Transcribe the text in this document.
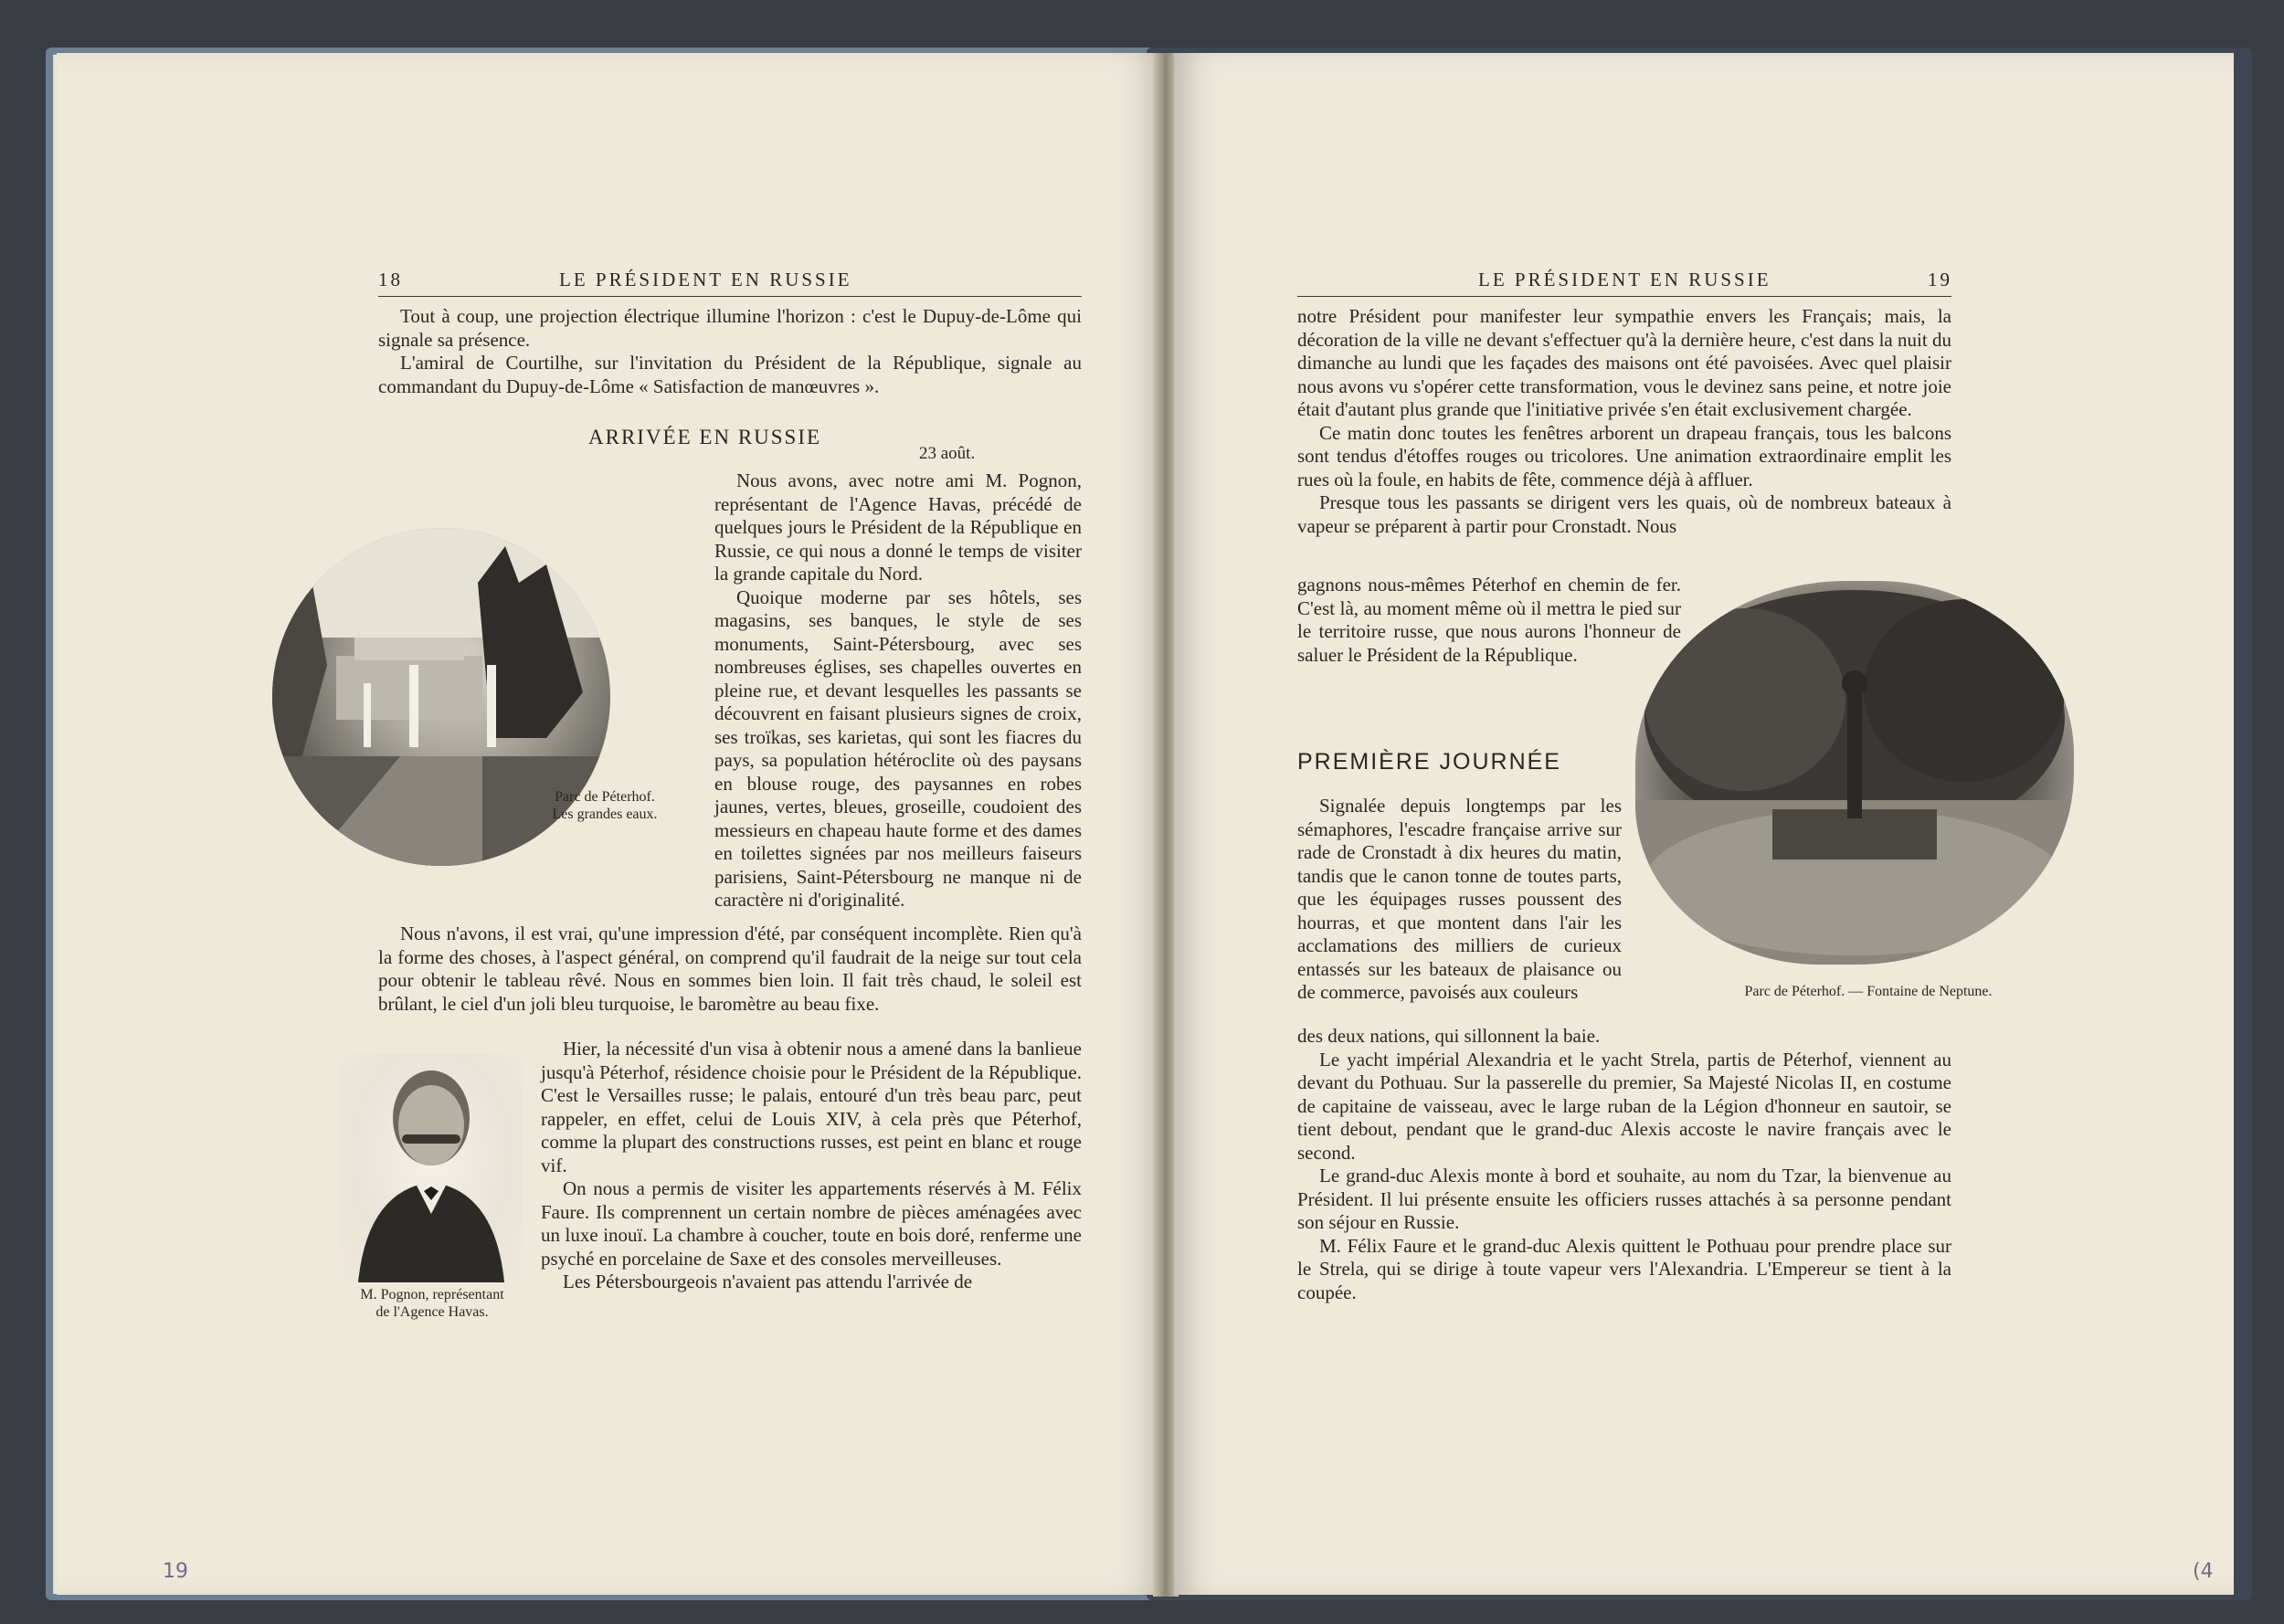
18	LE PRÉSIDENT EN RUSSIE

Tout à coup, une projection électrique illumine l'horizon : c'est le Dupuy-de-Lôme qui signale sa présence.

L'amiral de Courtilhe, sur l'invitation du Président de la République, signale au commandant du Dupuy-de-Lôme « Satisfaction de manœuvres ».

ARRIVÉE EN RUSSIE
23 août.
Parc de Péterhof.
Les grandes eaux.

Nous avons, avec notre ami M. Pognon, représentant de l'Agence Havas, précédé de quelques jours le Président de la République en Russie, ce qui nous a donné le temps de visiter la grande capitale du Nord.

Quoique moderne par ses hôtels, ses magasins, ses banques, le style de ses monuments, Saint-Pétersbourg, avec ses nombreuses églises, ses chapelles ouvertes en pleine rue, et devant lesquelles les passants se découvrent en faisant plusieurs signes de croix, ses troïkas, ses karietas, qui sont les fiacres du pays, sa population hétéroclite où des paysans en blouse rouge, des paysannes en robes jaunes, vertes, bleues, groseille, coudoient des messieurs en chapeau haute forme et des dames en toilettes signées par nos meilleurs faiseurs parisiens, Saint-Pétersbourg ne manque ni de caractère ni d'originalité.

Nous n'avons, il est vrai, qu'une impression d'été, par conséquent incomplète. Rien qu'à la forme des choses, à l'aspect général, on comprend qu'il faudrait de la neige sur tout cela pour obtenir le tableau rêvé. Nous en sommes bien loin. Il fait très chaud, le soleil est brûlant, le ciel d'un joli bleu turquoise, le baromètre au beau fixe.

M. Pognon, représentant
de l'Agence Havas.

Hier, la nécessité d'un visa à obtenir nous a amené dans la banlieue jusqu'à Péterhof, résidence choisie pour le Président de la République. C'est le Versailles russe; le palais, entouré d'un très beau parc, peut rappeler, en effet, celui de Louis XIV, à cela près que Péterhof, comme la plupart des constructions russes, est peint en blanc et rouge vif.

On nous a permis de visiter les appartements réservés à M. Félix Faure. Ils comprennent un certain nombre de pièces aménagées avec un luxe inouï. La chambre à coucher, toute en bois doré, renferme une psyché en porcelaine de Saxe et des consoles merveilleuses.

Les Pétersbourgeois n'avaient pas attendu l'arrivée de

19
LE PRÉSIDENT EN RUSSIE	19

notre Président pour manifester leur sympathie envers les Français; mais, la décoration de la ville ne devant s'effectuer qu'à la dernière heure, c'est dans la nuit du dimanche au lundi que les façades des maisons ont été pavoisées. Avec quel plaisir nous avons vu s'opérer cette transformation, vous le devinez sans peine, et notre joie était d'autant plus grande que l'initiative privée s'en était exclusivement chargée.

Ce matin donc toutes les fenêtres arborent un drapeau français, tous les balcons sont tendus d'étoffes rouges ou tricolores. Une animation extraordinaire emplit les rues où la foule, en habits de fête, commence déjà à affluer.

Presque tous les passants se dirigent vers les quais, où de nombreux bateaux à vapeur se préparent à partir pour Cronstadt. Nous

gagnons nous-mêmes Péterhof en chemin de fer. C'est là, au moment même où il mettra le pied sur le territoire russe, que nous aurons l'honneur de saluer le Président de la République.

PREMIÈRE JOURNÉE
Parc de Péterhof. — Fontaine de Neptune.

Signalée depuis longtemps par les sémaphores, l'escadre française arrive sur rade de Cronstadt à dix heures du matin, tandis que le canon tonne de toutes parts, que les équipages russes poussent des hourras, et que montent dans l'air les acclamations des milliers de curieux entassés sur les bateaux de plaisance ou de commerce, pavoisés aux couleurs

des deux nations, qui sillonnent la baie.

Le yacht impérial Alexandria et le yacht Strela, partis de Péterhof, viennent au devant du Pothuau. Sur la passerelle du premier, Sa Majesté Nicolas II, en costume de capitaine de vaisseau, avec le large ruban de la Légion d'honneur en sautoir, se tient debout, pendant que le grand-duc Alexis accoste le navire français avec le second.

Le grand-duc Alexis monte à bord et souhaite, au nom du Tzar, la bienvenue au Président. Il lui présente ensuite les officiers russes attachés à sa personne pendant son séjour en Russie.

M. Félix Faure et le grand-duc Alexis quittent le Pothuau pour prendre place sur le Strela, qui se dirige à toute vapeur vers l'Alexandria. L'Empereur se tient à la coupée.

(4
